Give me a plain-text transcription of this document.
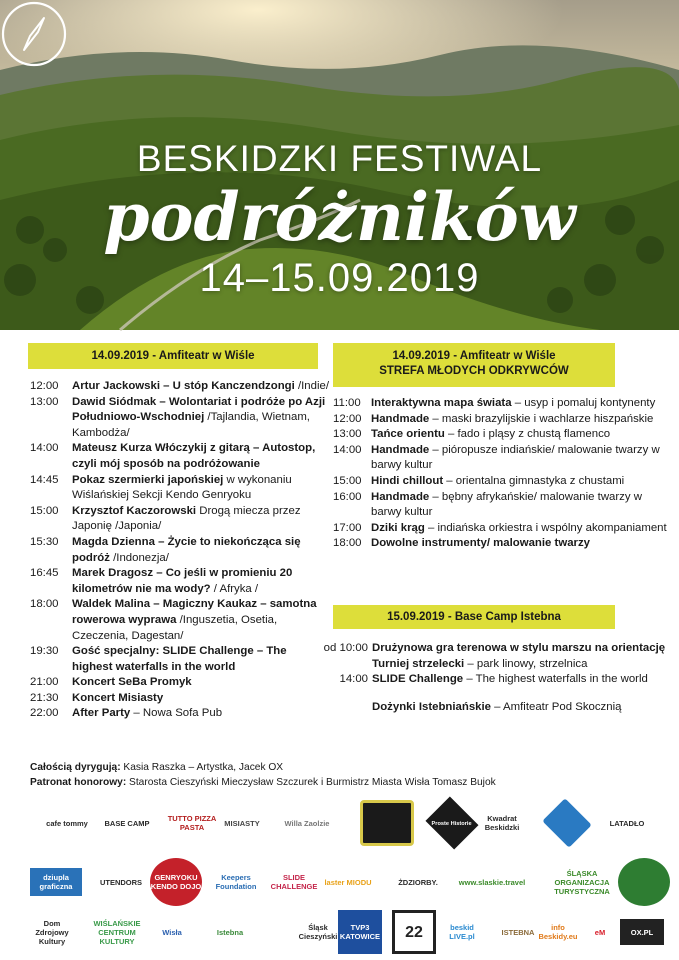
BESKIDZKI FESTIWAL
podróżników
14–15.09.2019
14.09.2019 - Amfiteatr w Wiśle	14.09.2019 - Amfiteatr w Wiśle
STREFA MŁODYCH ODKRYWCÓW
15.09.2019 - Base Camp Istebna
12:00	Artur Jackowski – U stóp Kanczendzongi /Indie/
13:00	Dawid Siódmak – Wolontariat i podróże po Azji Południowo-Wschodniej /Tajlandia, Wietnam, Kambodża/
14:00	Mateusz Kurza Włóczykij z gitarą – Autostop, czyli mój sposób na podróżowanie
14:45	Pokaz szermierki japońskiej w wykonaniu Wiślańskiej Sekcji Kendo Genryoku
15:00	Krzysztof Kaczorowski Drogą miecza przez Japonię /Japonia/
15:30	Magda Dzienna – Życie to niekończąca się podróż /Indonezja/
16:45	Marek Dragosz – Co jeśli w promieniu 20 kilometrów nie ma wody? / Afryka /
18:00	Waldek Malina – Magiczny Kaukaz – samotna rowerowa wyprawa /Inguszetia, Osetia, Czeczenia, Dagestan/
19:30	Gość specjalny: SLIDE Challenge – The highest waterfalls in the world
21:00	Koncert SeBa Promyk
21:30	Koncert Misiasty
22:00	After Party – Nowa Sofa Pub
11:00 Interaktywna mapa świata – usyp i pomaluj kontynenty
12:00 Handmade – maski brazylijskie i wachlarze hiszpańskie
13:00 Tańce orientu – fado i pląsy z chustą flamenco
14:00 Handmade – pióropusze indiańskie/ malowanie twarzy w barwy kultur
15:00 Hindi chillout – orientalna gimnastyka z chustami
16:00 Handmade – bębny afrykańskie/ malowanie twarzy w barwy kultur
17:00 Dziki krąg – indiańska orkiestra i wspólny akompaniament
18:00 Dowolne instrumenty/ malowanie twarzy
od 10:00 Drużynowa gra terenowa w stylu marszu na orientację
Turniej strzelecki – park linowy, strzelnica
14:00 SLIDE Challenge – The highest waterfalls in the world
Dożynki Istebniańskie – Amfiteatr Pod Skocznią
Całością dyrygują: Kasia Raszka – Artystka, Jacek OX
Patronat honorowy: Starosta Cieszyński Mieczysław Szczurek i Burmistrz Miasta Wisła Tomasz Bujok
cafe tommy BASE CAMP	TUTTO PIZZA PASTA	MISIASTY	Willa Zaolzie	Proste Historie	Kwadrat Beskidzki	LATADŁO
dziupla graficzna	UTENDORS	GENRYOKU KENDO DOJO
Keepers Foundation
SLIDE CHALLENGE laster MIODU	ŻDZIORBY.	www.slaskie.travel
ŚLĄSKA ORGANIZACJA TURYSTYCZNA
Dom Zdrojowy Kultury
WIŚLAŃSKIE CENTRUM KULTURY
Wisła	Istebna	Śląsk Cieszyński
TVP3 KATOWICE 22	beskid LIVE.pl	ISTEBNA	info Beskidy.eu	eM	OX.PL
